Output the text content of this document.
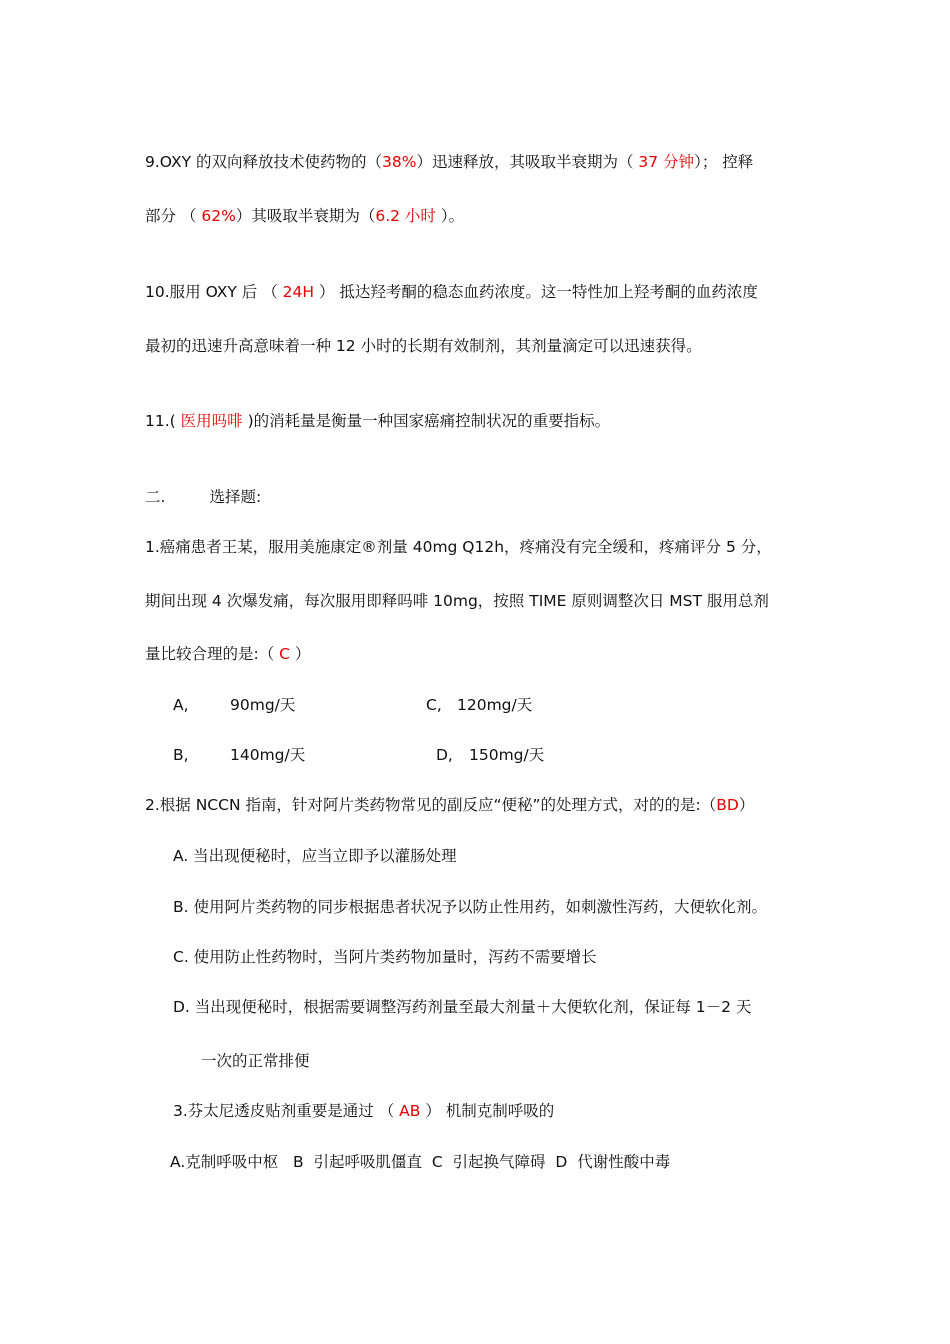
9.OXY 的双向释放技术使药物的（38%）迅速释放，其吸取半衰期为（ 37 分钟）； 控释
部分 （ 62%）其吸取半衰期为（6.2 小时 ）。
10.服用 OXY 后 （ 24H ） 抵达羟考酮的稳态血药浓度。这一特性加上羟考酮的血药浓度
最初的迅速升高意味着一种 12 小时的长期有效制剂，其剂量滴定可以迅速获得。
11.( 医用吗啡 )的消耗量是衡量一种国家癌痛控制状况的重要指标。
二.	选择题:
1.癌痛患者王某，服用美施康定®剂量 40mg Q12h，疼痛没有完全缓和，疼痛评分 5 分，
期间出现 4 次爆发痛，每次服用即释吗啡 10mg，按照 TIME 原则调整次日 MST 服用总剂
量比较合理的是:（ C ）
A,	90mg/天	C, 120mg/天
B,	140mg/天	D, 150mg/天
2.根据 NCCN 指南，针对阿片类药物常见的副反应“便秘”的处理方式，对的的是:（BD）
A. 当出现便秘时，应当立即予以灌肠处理
B. 使用阿片类药物的同步根据患者状况予以防止性用药，如刺激性泻药，大便软化剂。
C. 使用防止性药物时，当阿片类药物加量时，泻药不需要增长
D. 当出现便秘时，根据需要调整泻药剂量至最大剂量＋大便软化剂，保证每 1－2 天
一次的正常排便
3.芬太尼透皮贴剂重要是通过 （ AB ） 机制克制呼吸的
A.克制呼吸中枢   B  引起呼吸肌僵直  C  引起换气障碍  D  代谢性酸中毒
